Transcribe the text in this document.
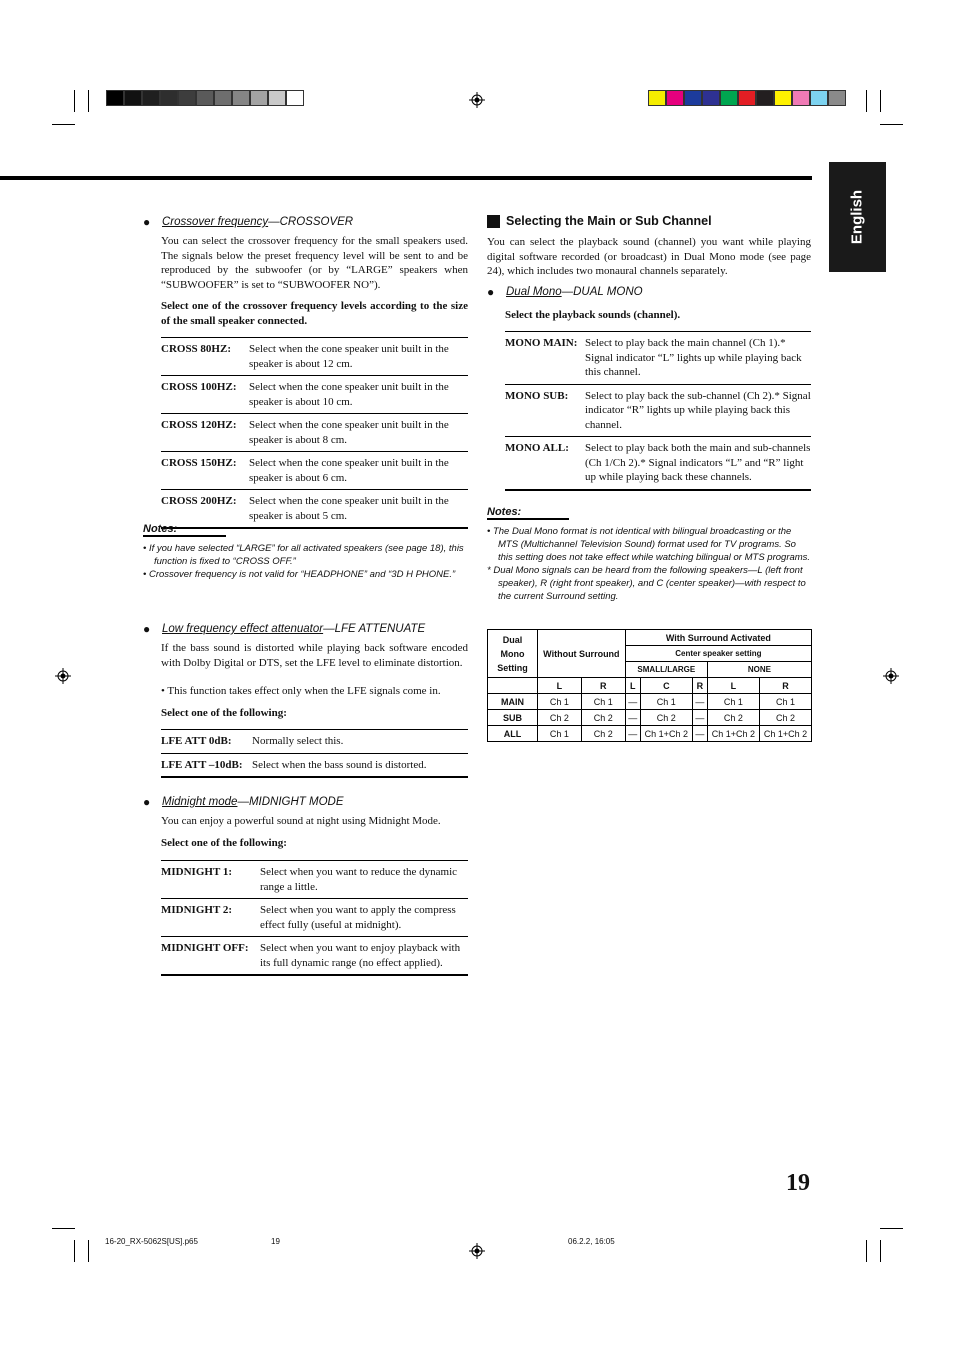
English
● Crossover frequency—CROSSOVER
You can select the crossover frequency for the small speakers used. The signals below the preset frequency level will be sent to and be reproduced by the subwoofer (or by “LARGE” speakers when “SUBWOOFER” is set to “SUBWOOFER NO”).
Select one of the crossover frequency levels according to the size of the small speaker connected.
CROSS 80HZ:	Select when the cone speaker unit built in the speaker is about 12 cm.
CROSS 100HZ:	Select when the cone speaker unit built in the speaker is about 10 cm.
CROSS 120HZ:	Select when the cone speaker unit built in the speaker is about 8 cm.
CROSS 150HZ:	Select when the cone speaker unit built in the speaker is about 6 cm.
CROSS 200HZ:	Select when the cone speaker unit built in the speaker is about 5 cm.
Notes:
• If you have selected “LARGE” for all activated speakers (see page 18), this function is fixed to “CROSS OFF.”
• Crossover frequency is not valid for “HEADPHONE” and “3D H PHONE.”
● Low frequency effect attenuator—LFE ATTENUATE
If the bass sound is distorted while playing back software encoded with Dolby Digital or DTS, set the LFE level to eliminate distortion.
• This function takes effect only when the LFE signals come in.
Select one of the following:
LFE ATT 0dB:	Normally select this.
LFE ATT –10dB:	Select when the bass sound is distorted.
● Midnight mode—MIDNIGHT MODE
You can enjoy a powerful sound at night using Midnight Mode.
Select one of the following:
MIDNIGHT 1:	Select when you want to reduce the dynamic range a little.
MIDNIGHT 2:	Select when you want to apply the compress effect fully (useful at midnight).
MIDNIGHT OFF:	Select when you want to enjoy playback with its full dynamic range (no effect applied).
Selecting the Main or Sub Channel
You can select the playback sound (channel) you want while playing digital software recorded (or broadcast) in Dual Mono mode (see page 24), which includes two monaural channels separately.
● Dual Mono—DUAL MONO
Select the playback sounds (channel).
MONO MAIN:	Select to play back the main channel (Ch 1).* Signal indicator “L” lights up while playing back this channel.
MONO SUB:	Select to play back the sub-channel (Ch 2).* Signal indicator “R” lights up while playing back this channel.
MONO ALL:	Select to play back both the main and sub-channels (Ch 1/Ch 2).* Signal indicators “L” and “R” light up while playing back these channels.
Notes:
• The Dual Mono format is not identical with bilingual broadcasting or the MTS (Multichannel Television Sound) format used for TV programs. So this setting does not take effect while watching bilingual or MTS programs.
* Dual Mono signals can be heard from the following speakers—L (left front speaker), R (right front speaker), and C (center speaker)—with respect to the current Surround setting.
Dual Mono Setting	Without Surround		With Surround Activated				
			Center speaker setting				
			SMALL/LARGE			NONE	
	L	R	L	C	R	L	R
MAIN	Ch 1	Ch 1	—	Ch 1	—	Ch 1	Ch 1
SUB	Ch 2	Ch 2	—	Ch 2	—	Ch 2	Ch 2
ALL	Ch 1	Ch 2	—	Ch 1+Ch 2	—	Ch 1+Ch 2	Ch 1+Ch 2
19
16-20_RX-5062S[US].p65	19	06.2.2, 16:05
